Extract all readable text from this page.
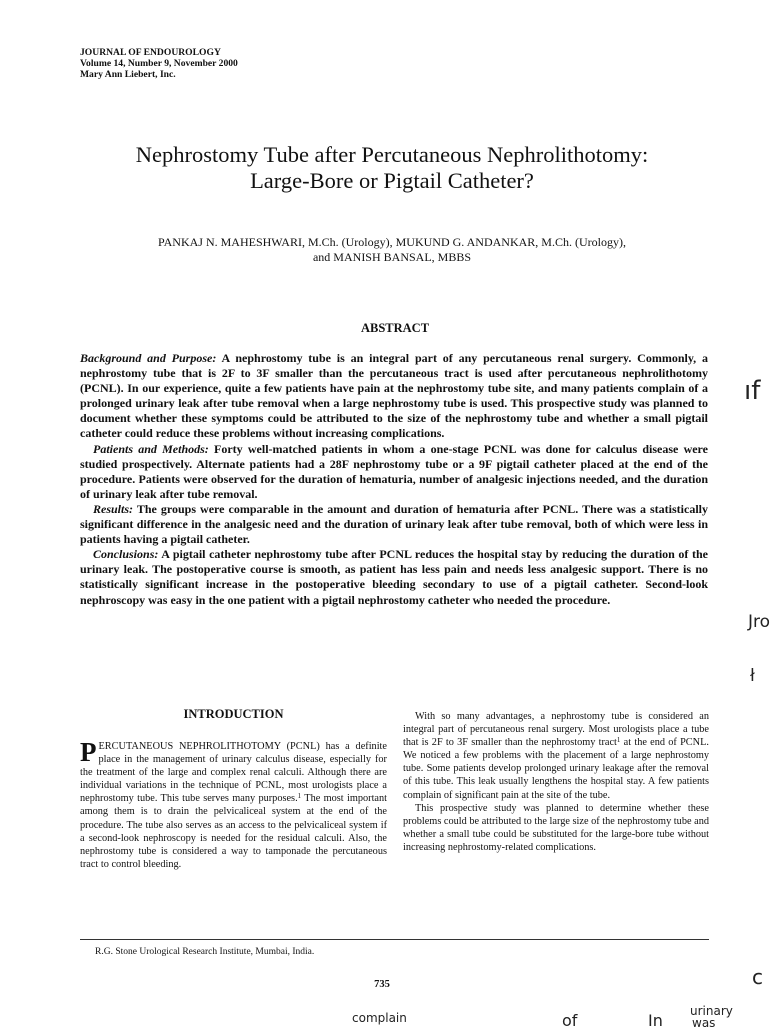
JOURNAL OF ENDOUROLOGY
Volume 14, Number 9, November 2000
Mary Ann Liebert, Inc.
Nephrostomy Tube after Percutaneous Nephrolithotomy:
Large-Bore or Pigtail Catheter?
PANKAJ N. MAHESHWARI, M.Ch. (Urology), MUKUND G. ANDANKAR, M.Ch. (Urology),
and MANISH BANSAL, MBBS
ABSTRACT

Background and Purpose: A nephrostomy tube is an integral part of any percutaneous renal surgery. Commonly, a nephrostomy tube that is 2F to 3F smaller than the percutaneous tract is used after percutaneous nephrolithotomy (PCNL). In our experience, quite a few patients have pain at the nephrostomy tube site, and many patients complain of a prolonged urinary leak after tube removal when a large nephrostomy tube is used. This prospective study was planned to document whether these symptoms could be attributed to the size of the nephrostomy tube and whether a small pigtail catheter could reduce these problems without increasing complications.

Patients and Methods: Forty well-matched patients in whom a one-stage PCNL was done for calculus disease were studied prospectively. Alternate patients had a 28F nephrostomy tube or a 9F pigtail catheter placed at the end of the procedure. Patients were observed for the duration of hematuria, number of analgesic injections needed, and the duration of urinary leak after tube removal.

Results: The groups were comparable in the amount and duration of hematuria after PCNL. There was a statistically significant difference in the analgesic need and the duration of urinary leak after tube removal, both of which were less in patients having a pigtail catheter.

Conclusions: A pigtail catheter nephrostomy tube after PCNL reduces the hospital stay by reducing the duration of the urinary leak. The postoperative course is smooth, as patient has less pain and needs less analgesic support. There is no statistically significant increase in the postoperative bleeding secondary to use of a pigtail catheter. Second-look nephroscopy was easy in the one patient with a pigtail nephrostomy catheter who needed the procedure.

INTRODUCTION

PERCUTANEOUS NEPHROLITHOTOMY (PCNL) has a definite place in the management of urinary calculus disease, especially for the treatment of the large and complex renal calculi. Although there are individual variations in the technique of PCNL, most urologists place a nephrostomy tube. This tube serves many purposes.$^1$ The most important among them is to drain the pelvicaliceal system at the end of the procedure. The tube also serves as an access to the pelvicaliceal system if a second-look nephroscopy is needed for the residual calculi. Also, the nephrostomy tube is considered a way to tamponade the percutaneous tract to control bleeding.

With so many advantages, a nephrostomy tube is considered an integral part of percutaneous renal surgery. Most urologists place a tube that is 2F to 3F smaller than the nephrostomy tract$^1$ at the end of PCNL. We noticed a few problems with the placement of a large nephrostomy tube. Some patients develop prolonged urinary leakage after the removal of this tube. This leak usually lengthens the hospital stay. A few patients complain of significant pain at the site of the tube.

This prospective study was planned to determine whether these problems could be attributed to the large size of the nephrostomy tube and whether a small tube could be substituted for the large-bore tube without increasing nephrostomy-related complications.

R.G. Stone Urological Research Institute, Mumbai, India.
735
ıf
Jro
ł
c
complain	of	In urinary
was
